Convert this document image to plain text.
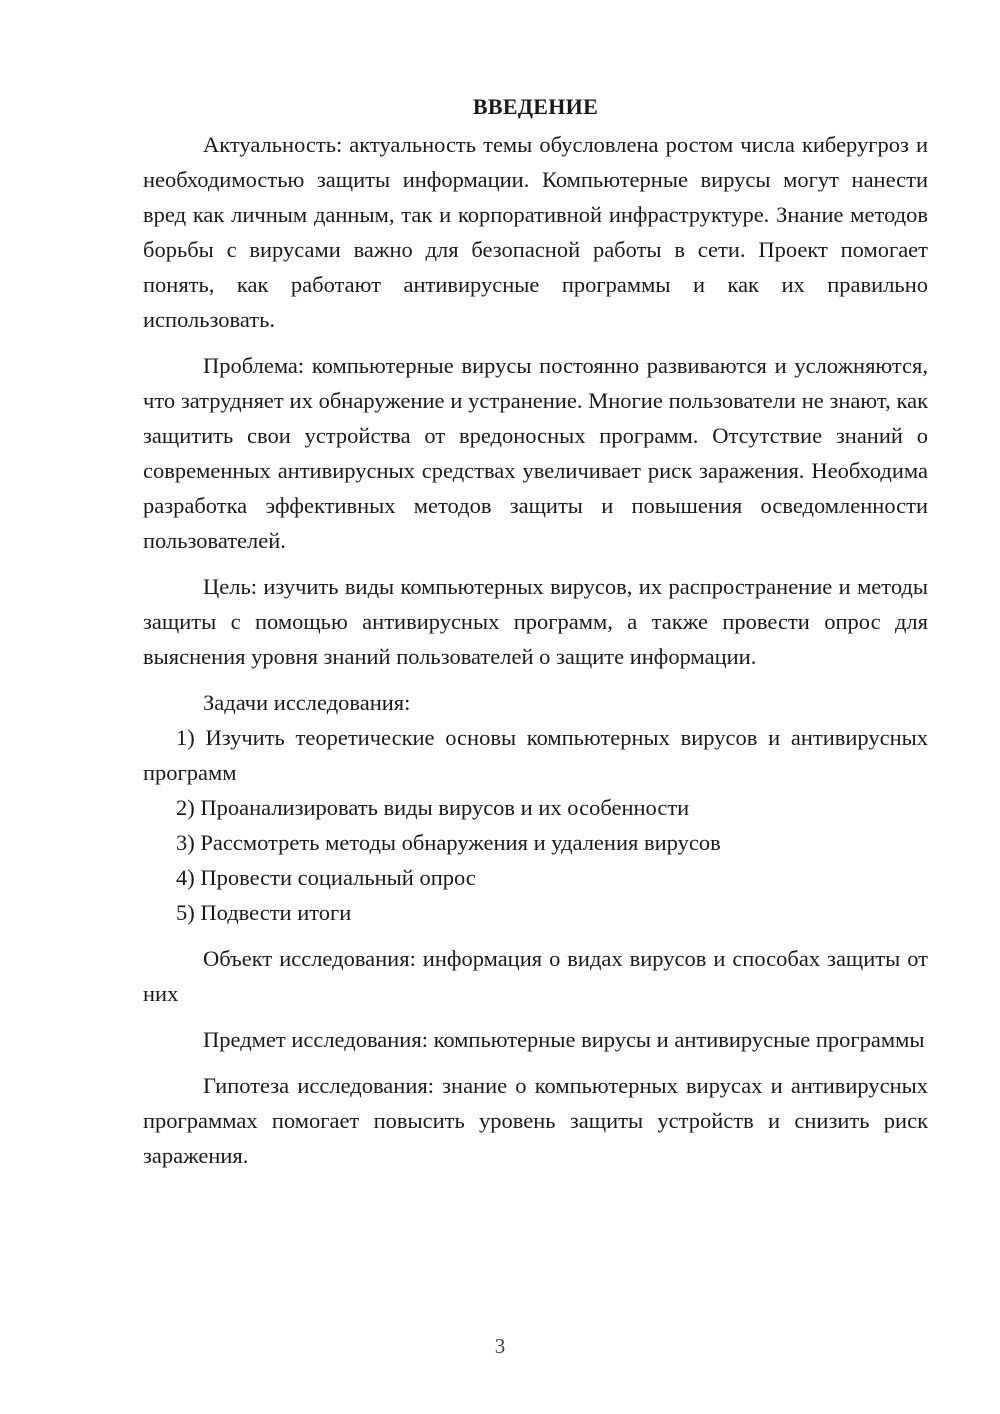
ВВЕДЕНИЕ

Актуальность: актуальность темы обусловлена ростом числа киберугроз и необходимостью защиты информации. Компьютерные вирусы могут нанести вред как личным данным, так и корпоративной инфраструктуре. Знание методов борьбы с вирусами важно для безопасной работы в сети. Проект помогает понять, как работают антивирусные программы и как их правильно использовать.

Проблема: компьютерные вирусы постоянно развиваются и усложняются, что затрудняет их обнаружение и устранение. Многие пользователи не знают, как защитить свои устройства от вредоносных программ. Отсутствие знаний о современных антивирусных средствах увеличивает риск заражения. Необходима разработка эффективных методов защиты и повышения осведомленности пользователей.

Цель: изучить виды компьютерных вирусов, их распространение и методы защиты с помощью антивирусных программ, а также провести опрос для выяснения уровня знаний пользователей о защите информации.

Задачи исследования:

1) Изучить теоретические основы компьютерных вирусов и антивирусных программ

2) Проанализировать виды вирусов и их особенности

3) Рассмотреть методы обнаружения и удаления вирусов

4) Провести социальный опрос

5) Подвести итоги

Объект исследования: информация о видах вирусов и способах защиты от них

Предмет исследования: компьютерные вирусы и антивирусные программы

Гипотеза исследования: знание о компьютерных вирусах и антивирусных программах помогает повысить уровень защиты устройств и снизить риск заражения.

3
